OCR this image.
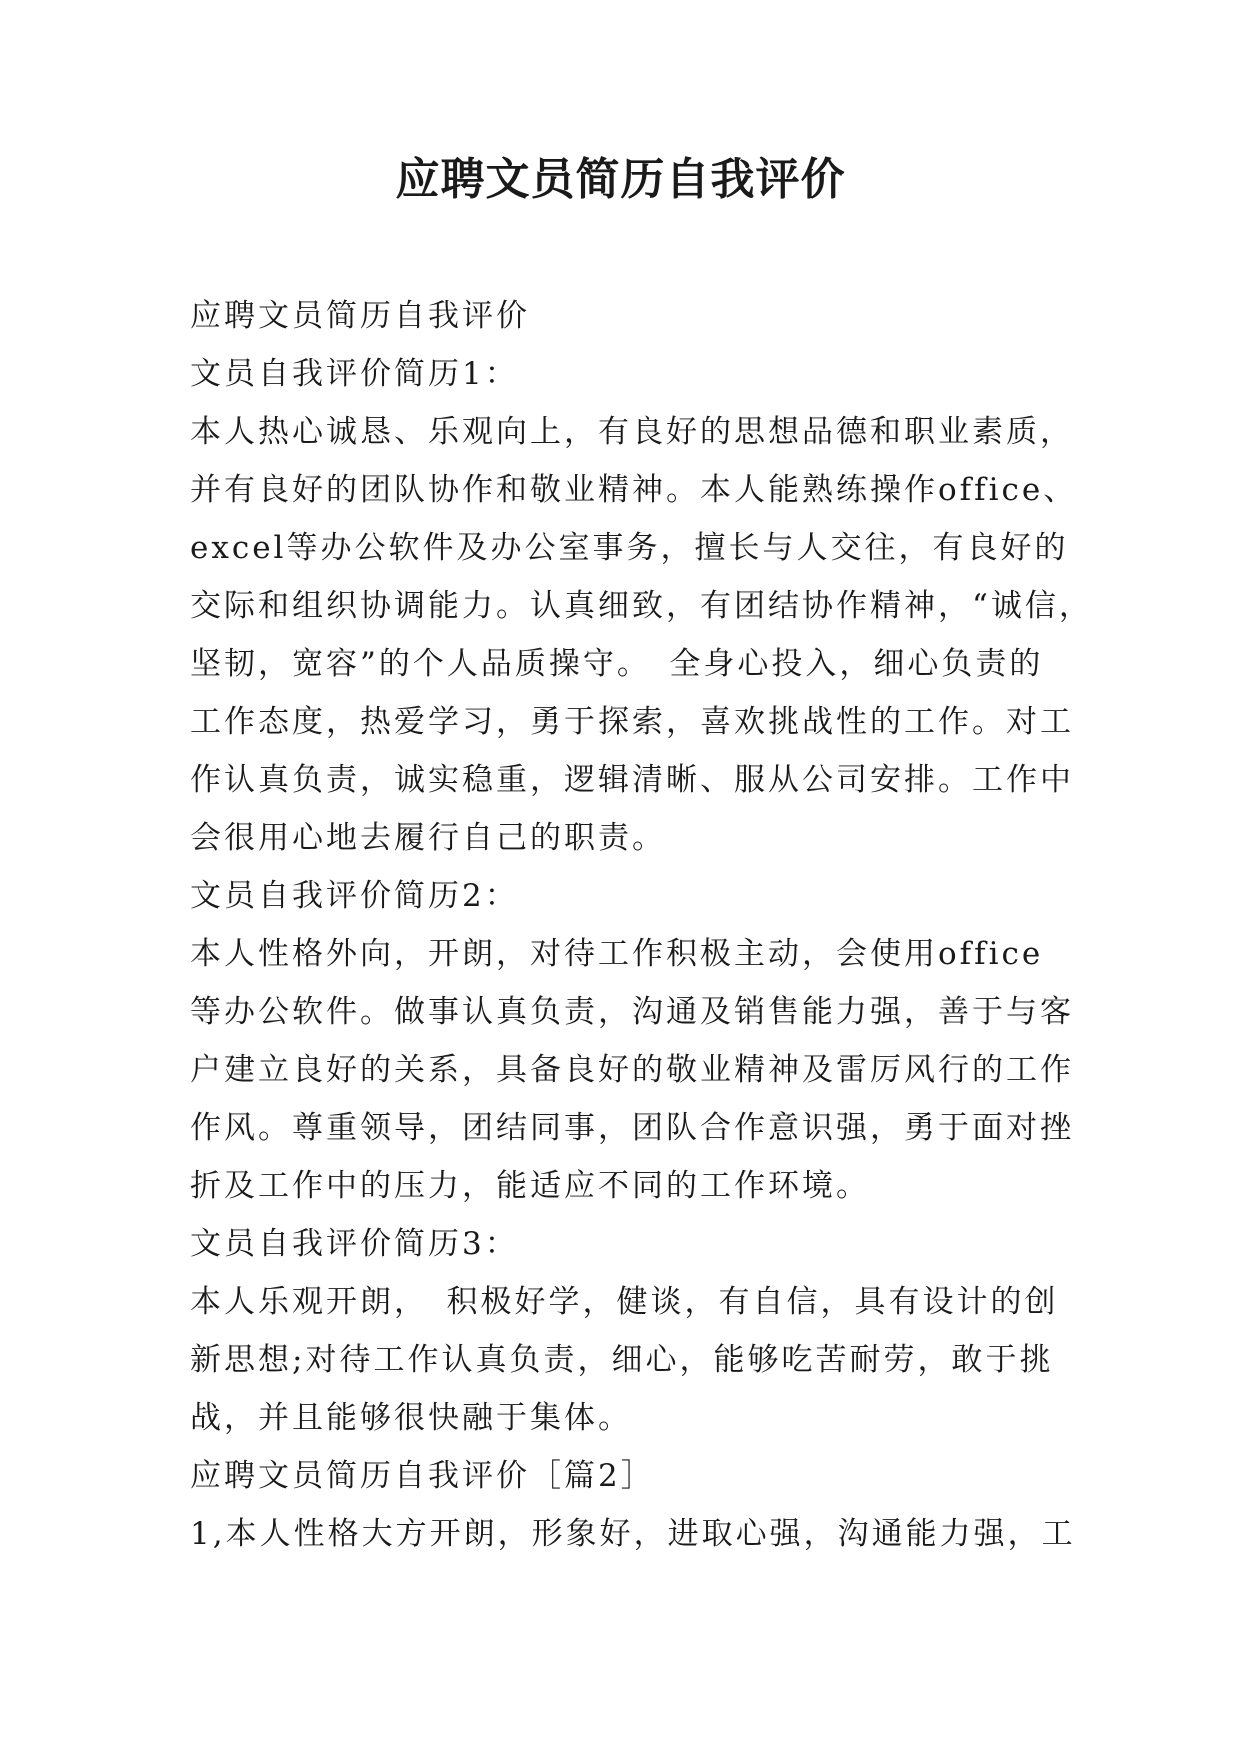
应聘文员简历自我评价

应聘文员简历自我评价

文员自我评价简历1：

本人热心诚恳、乐观向上，有良好的思想品德和职业素质，

并有良好的团队协作和敬业精神。本人能熟练操作office、

excel等办公软件及办公室事务，擅长与人交往，有良好的

交际和组织协调能力。认真细致，有团结协作精神，“诚信，

坚韧，宽容”的个人品质操守。　全身心投入，细心负责的

工作态度，热爱学习，勇于探索，喜欢挑战性的工作。对工

作认真负责，诚实稳重，逻辑清晰、服从公司安排。工作中

会很用心地去履行自己的职责。

文员自我评价简历2：

本人性格外向，开朗，对待工作积极主动，会使用office

等办公软件。做事认真负责，沟通及销售能力强，善于与客

户建立良好的关系，具备良好的敬业精神及雷厉风行的工作

作风。尊重领导，团结同事，团队合作意识强，勇于面对挫

折及工作中的压力，能适应不同的工作环境。

文员自我评价简历3：

本人乐观开朗，　积极好学，健谈，有自信，具有设计的创

新思想;对待工作认真负责，细心，能够吃苦耐劳，敢于挑

战，并且能够很快融于集体。

应聘文员简历自我评价［篇2］

1,本人性格大方开朗，形象好，进取心强，沟通能力强，工
